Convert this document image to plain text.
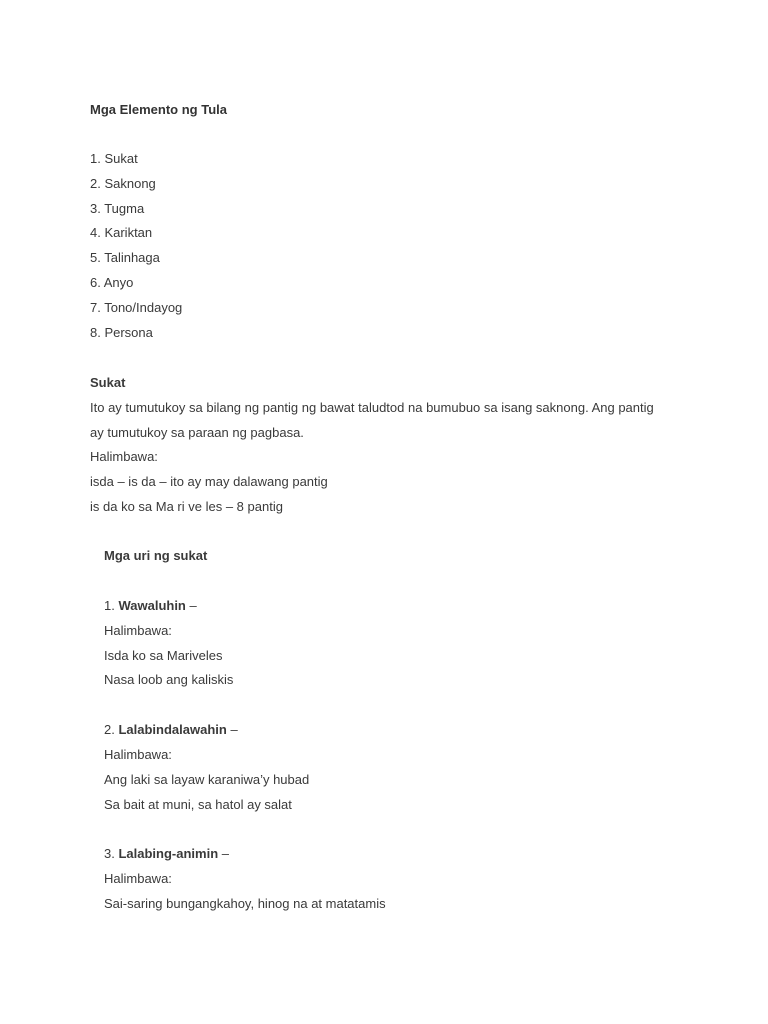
Mga Elemento ng Tula
1. Sukat
2. Saknong
3. Tugma
4. Kariktan
5. Talinhaga
6. Anyo
7. Tono/Indayog
8. Persona
Sukat
Ito ay tumutukoy sa bilang ng pantig ng bawat taludtod na bumubuo sa isang saknong. Ang pantig
ay tumutukoy sa paraan ng pagbasa.
Halimbawa:
isda – is da – ito ay may dalawang pantig
is da ko sa Ma ri ve les – 8 pantig
Mga uri ng sukat
1. Wawaluhin –
Halimbawa:
Isda ko sa Mariveles
Nasa loob ang kaliskis
2. Lalabindalawahin –
Halimbawa:
Ang laki sa layaw karaniwa’y hubad
Sa bait at muni, sa hatol ay salat
3. Lalabing-animin –
Halimbawa:
Sai-saring bungangkahoy, hinog na at matatamis
